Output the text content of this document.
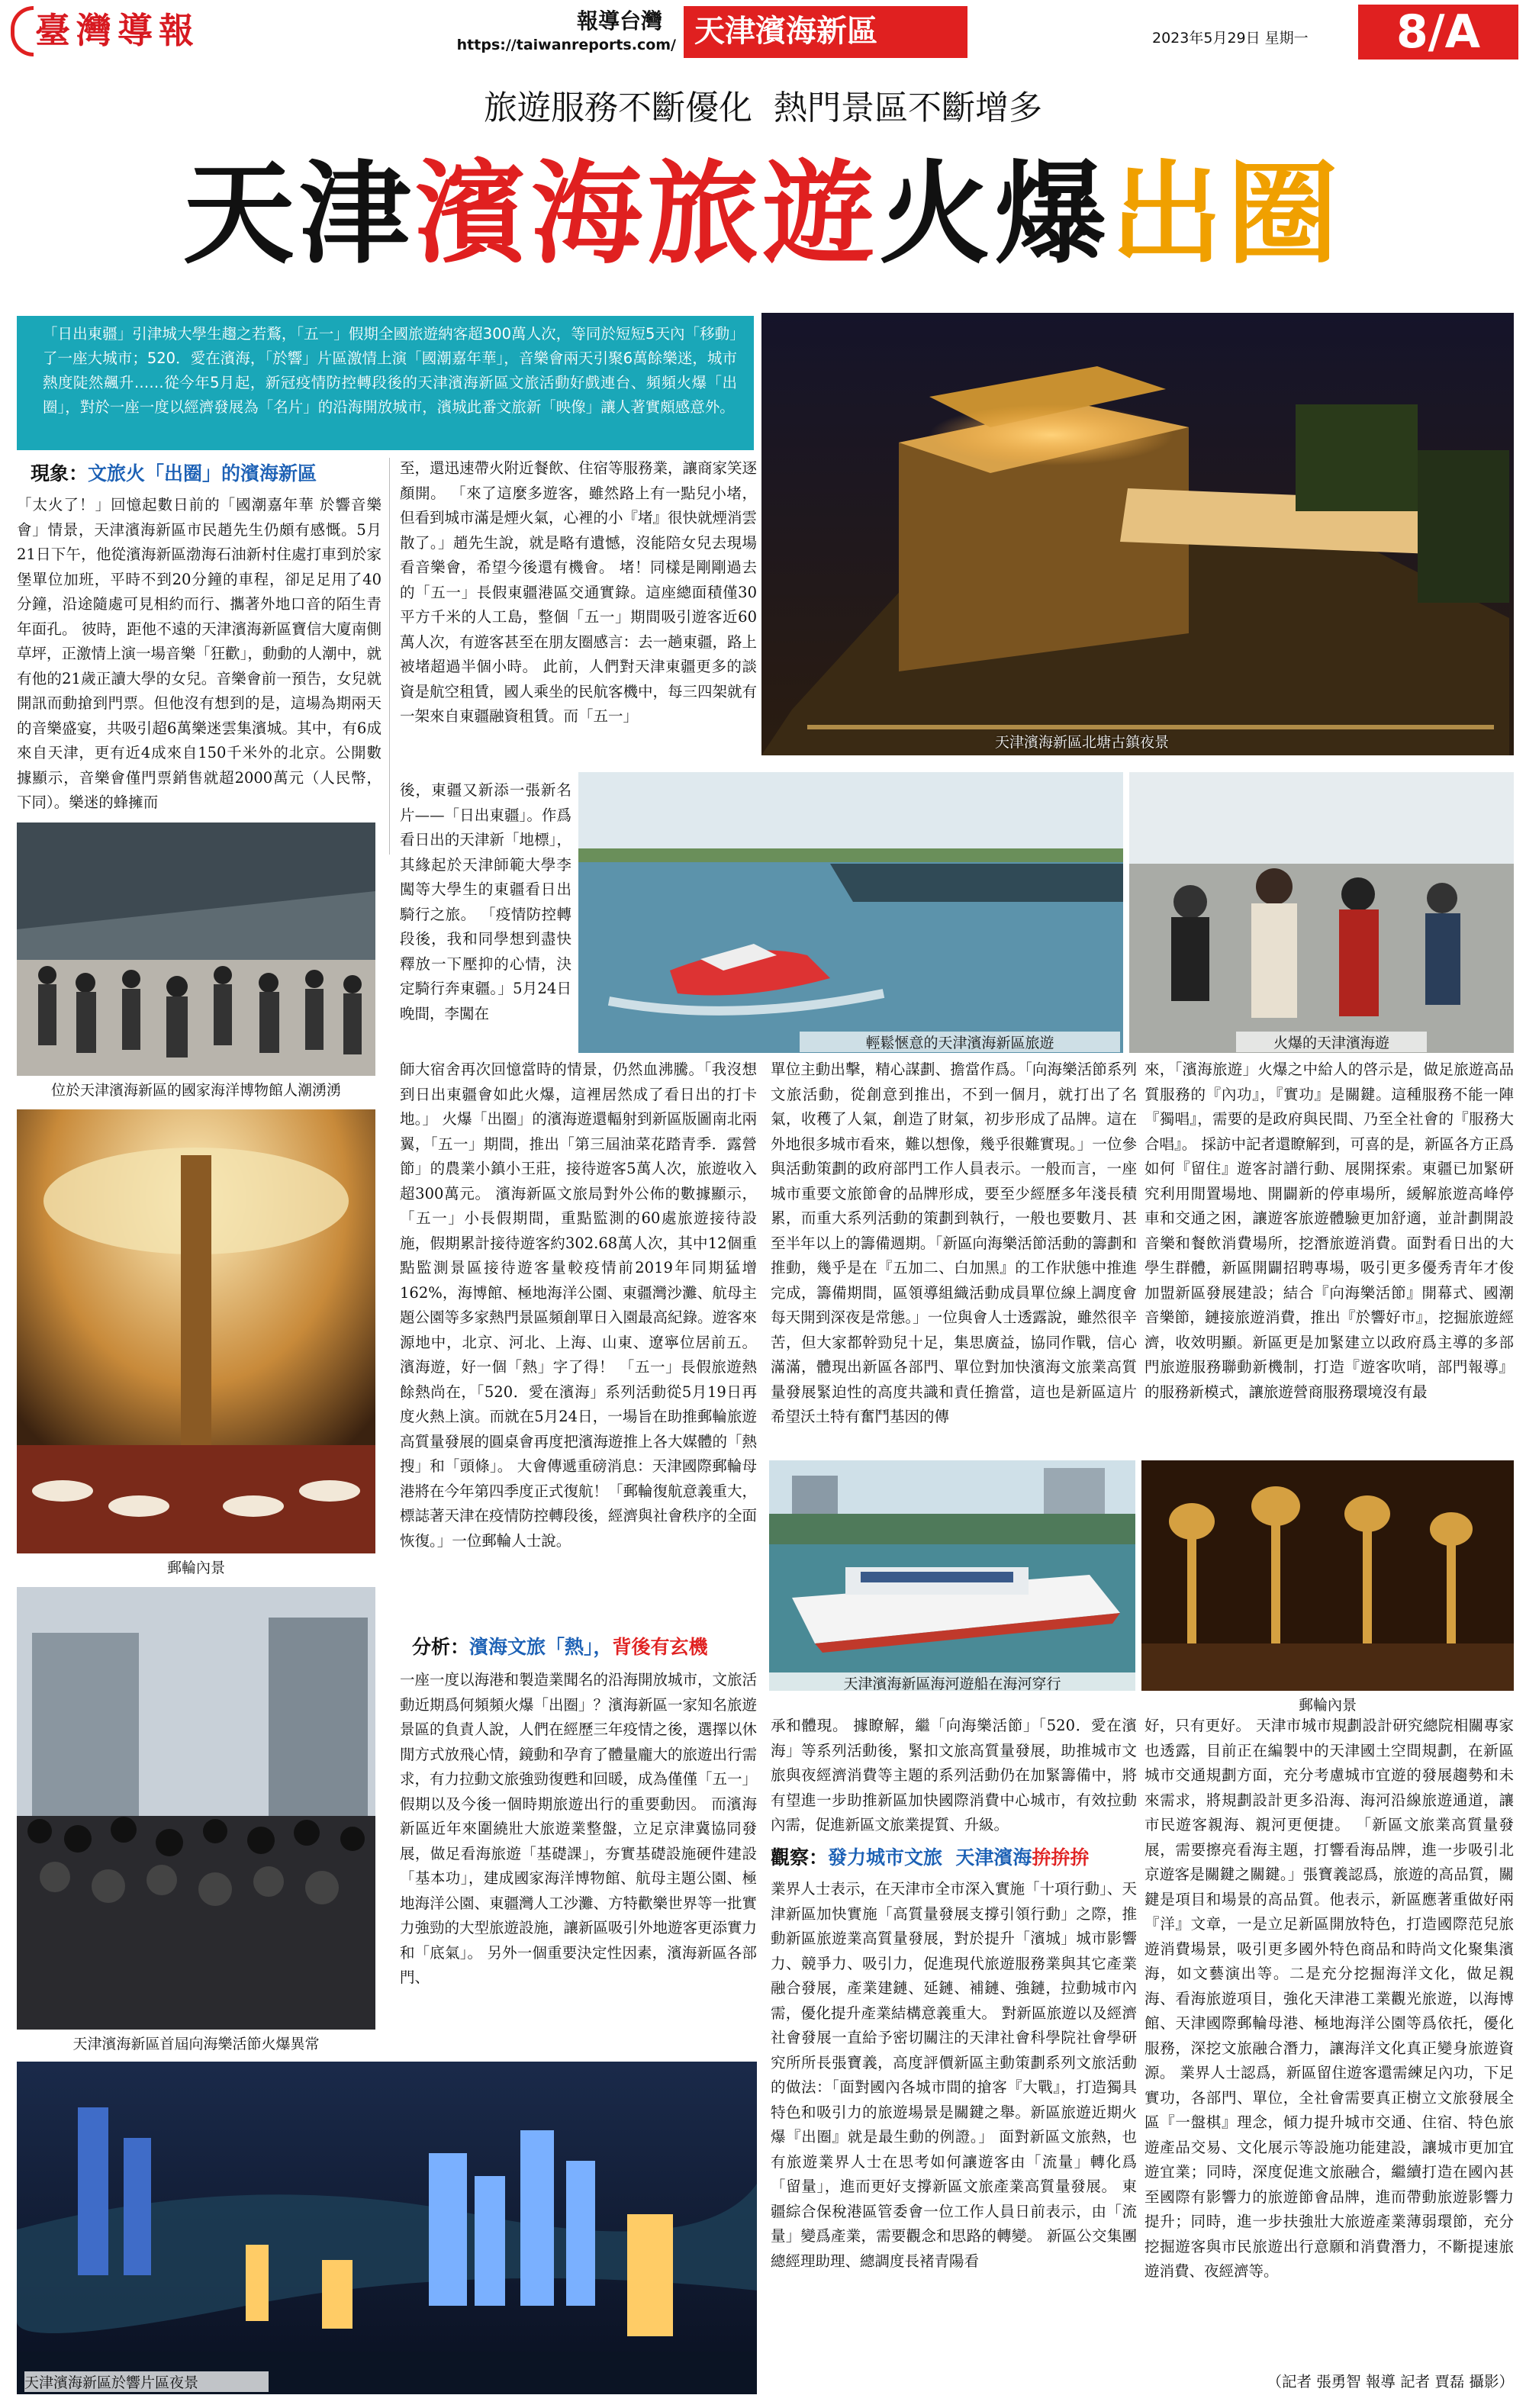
臺灣導報	報導台灣
https://taiwanreports.com/ 天津濱海新區	2023年5月29日 星期一	8/A
旅遊服務不斷優化  熱門景區不斷增多
天津濱海旅遊火爆出圈

「日出東疆」引津城大學生趨之若鶩，「五一」假期全國旅遊納客超300萬人次，等同於短短5天內「移動」了一座大城市；520．愛在濱海，「於響」片區激情上演「國潮嘉年華」，音樂會兩天引聚6萬餘樂迷，城市熱度陡然飆升……從今年5月起，新冠疫情防控轉段後的天津濱海新區文旅活動好戲連台、頻頻火爆「出圈」，對於一座一度以經濟發展為「名片」的沿海開放城市，濱城此番文旅新「映像」讓人著實頗感意外。

天津濱海新區北塘古鎮夜景
現象：文旅火「出圈」的濱海新區

「太火了！」回憶起數日前的「國潮嘉年華 於響音樂會」情景，天津濱海新區市民趙先生仍頗有感慨。5月21日下午，他從濱海新區渤海石油新村住處打車到於家堡單位加班，平時不到20分鐘的車程，卻足足用了40分鐘，沿途隨處可見相約而行、攜著外地口音的陌生青年面孔。 彼時，距他不遠的天津濱海新區寶信大廈南側草坪，正激情上演一場音樂「狂歡」，動動的人潮中，就有他的21歲正讀大學的女兒。音樂會前一預告，女兒就開訊而動搶到門票。但他沒有想到的是，這場為期兩天的音樂盛宴，共吸引超6萬樂迷雲集濱城。其中，有6成來自天津，更有近4成來自150千米外的北京。公開數據顯示，音樂會僅門票銷售就超2000萬元（人民幣，下同）。樂迷的蜂擁而

至，還迅速帶火附近餐飲、住宿等服務業，讓商家笑逐顏開。 「來了這麼多遊客，雖然路上有一點兒小堵，但看到城市滿是煙火氣，心裡的小『堵』很快就煙消雲散了。」趙先生說，就是略有遺憾，沒能陪女兒去現場看音樂會，希望今後還有機會。 堵！同樣是剛剛過去的「五一」長假東疆港區交通實錄。這座總面積僅30平方千米的人工島，整個「五一」期間吸引遊客近60萬人次，有遊客甚至在朋友圈感言：去一趟東疆，路上被堵超過半個小時。 此前，人們對天津東疆更多的談資是航空租賃，國人乘坐的民航客機中，每三四架就有一架來自東疆融資租賃。而「五一」

後，東疆又新添一張新名片——「日出東疆」。作爲看日出的天津新「地標」，其緣起於天津師範大學李闖等大學生的東疆看日出騎行之旅。 「疫情防控轉段後，我和同學想到盡快釋放一下壓抑的心情，決定騎行奔東疆。」5月24日晚間，李闖在

輕鬆愜意的天津濱海新區旅遊	火爆的天津濱海遊
位於天津濱海新區的國家海洋博物館人潮湧湧

師大宿舍再次回憶當時的情景，仍然血沸騰。「我沒想到日出東疆會如此火爆，這裡居然成了看日出的打卡地。」 火爆「出圈」的濱海遊還輻射到新區版圖南北兩翼，「五一」期間，推出「第三屆油菜花踏青季．露營節」的農業小鎮小王莊，接待遊客5萬人次，旅遊收入超300萬元。 濱海新區文旅局對外公佈的數據顯示，「五一」小長假期間，重點監測的60處旅遊接待設施，假期累計接待遊客約302.68萬人次，其中12個重點監測景區接待遊客量較疫情前2019年同期猛增162%，海博館、極地海洋公園、東疆灣沙灘、航母主題公園等多家熱門景區頻創單日入園最高紀錄。遊客來源地中，北京、河北、上海、山東、遼寧位居前五。 濱海遊，好一個「熱」字了得！ 「五一」長假旅遊熱餘熱尚在，「520．愛在濱海」系列活動從5月19日再度火熱上演。而就在5月24日，一場旨在助推郵輪旅遊高質量發展的圓桌會再度把濱海遊推上各大媒體的「熱搜」和「頭條」。 大會傳遞重磅消息：天津國際郵輪母港將在今年第四季度正式復航！「郵輪復航意義重大，標誌著天津在疫情防控轉段後，經濟與社會秩序的全面恢復。」一位郵輪人士說。

郵輪內景
分析：濱海文旅「熱」，背後有玄機

一座一度以海港和製造業聞名的沿海開放城市，文旅活動近期爲何頻頻火爆「出圈」？濱海新區一家知名旅遊景區的負責人說，人們在經歷三年疫情之後，選擇以休閒方式放飛心情，鏡動和孕育了體量龐大的旅遊出行需求，有力拉動文旅強勁復甦和回暖，成為僅僅「五一」假期以及今後一個時期旅遊出行的重要動因。 而濱海新區近年來圍繞壯大旅遊業整盤，立足京津冀協同發展，做足看海旅遊「基礎課」，夯實基礎設施硬件建設「基本功」，建成國家海洋博物館、航母主題公園、極地海洋公園、東疆灣人工沙灘、方特歡樂世界等一批實力強勁的大型旅遊設施，讓新區吸引外地遊客更添實力和「底氣」。 另外一個重要決定性因素，濱海新區各部門、

天津濱海新區首屆向海樂活節火爆異常
天津濱海新區於響片區夜景

單位主動出擊，精心謀劃、擔當作爲。「向海樂活節系列文旅活動，從創意到推出，不到一個月，就打出了名氣，收穫了人氣，創造了財氣，初步形成了品牌。這在外地很多城市看來，難以想像，幾乎很難實現。」一位參與活動策劃的政府部門工作人員表示。一般而言，一座城市重要文旅節會的品牌形成，要至少經歷多年淺長積累，而重大系列活動的策劃到執行，一般也要數月、甚至半年以上的籌備週期。「新區向海樂活節活動的籌劃和推動，幾乎是在『五加二、白加黑』的工作狀態中推進完成，籌備期間，區領導組織活動成員單位線上調度會每天開到深夜是常態。」一位與會人士透露說，雖然很辛苦，但大家都幹勁兒十足，集思廣益，協同作戰，信心滿滿，體現出新區各部門、單位對加快濱海文旅業高質量發展緊迫性的高度共識和責任擔當，這也是新區這片希望沃土特有奮鬥基因的傳

來，「濱海旅遊」火爆之中給人的啓示是，做足旅遊高品質服務的『內功』，『實功』是關鍵。這種服務不能一陣『獨唱』，需要的是政府與民間、乃至全社會的『服務大合唱』。 採訪中記者還瞭解到，可喜的是，新區各方正爲如何『留住』遊客討譜行動、展開探索。東疆已加緊研究利用閒置場地、開闢新的停車場所，緩解旅遊高峰停車和交通之困，讓遊客旅遊體驗更加舒適，並計劃開設音樂和餐飲消費場所，挖潛旅遊消費。面對看日出的大學生群體，新區開闢招聘專場，吸引更多優秀青年才俊加盟新區發展建設；結合『向海樂活節』開幕式、國潮音樂節，鏈接旅遊消費，推出『於響好市』，挖掘旅遊經濟，收效明顯。新區更是加緊建立以政府爲主導的多部門旅遊服務聯動新機制，打造『遊客吹哨，部門報導』的服務新模式，讓旅遊營商服務環境沒有最

天津濱海新區海河遊船在海河穿行
郵輪內景

承和體現。 據瞭解，繼「向海樂活節」「520．愛在濱海」等系列活動後，緊扣文旅高質量發展，助推城市文旅與夜經濟消費等主題的系列活動仍在加緊籌備中，將有望進一步助推新區加快國際消費中心城市，有效拉動內需，促進新區文旅業提質、升級。

觀察：發力城市文旅  天津濱海拚拚拚

業界人士表示，在天津市全市深入實施「十項行動」、天津新區加快實施「高質量發展支撐引領行動」之際，推動新區旅遊業高質量發展，對於提升「濱城」城市影響力、競爭力、吸引力，促進現代旅遊服務業與其它產業融合發展，產業建鏈、延鏈、補鏈、強鏈，拉動城市內需，優化提升產業結構意義重大。 對新區旅遊以及經濟社會發展一直給予密切關注的天津社會科學院社會學研究所所長張寶義，高度評價新區主動策劃系列文旅活動的做法：「面對國內各城市間的搶客『大戰』，打造獨具特色和吸引力的旅遊場景是關鍵之舉。新區旅遊近期火爆『出圈』就是最生動的例證。」 面對新區文旅熱，也有旅遊業界人士在思考如何讓遊客由「流量」轉化爲「留量」，進而更好支撐新區文旅產業高質量發展。 東疆綜合保稅港區管委會一位工作人員日前表示，由「流量」變爲產業，需要觀念和思路的轉變。 新區公交集團總經理助理、總調度長褚青陽看

好，只有更好。 天津市城市規劃設計研究總院相關專家也透露，目前正在編製中的天津國土空間規劃，在新區城市交通規劃方面，充分考慮城市宜遊的發展趨勢和未來需求，將規劃設計更多沿海、海河沿線旅遊通道，讓市民遊客親海、親河更便捷。 「新區文旅業高質量發展，需要擦亮看海主題，打響看海品牌，進一步吸引北京遊客是關鍵之關鍵。」張寶義認爲，旅遊的高品質，關鍵是項目和場景的高品質。他表示，新區應著重做好兩『洋』文章，一是立足新區開放特色，打造國際范兒旅遊消費場景，吸引更多國外特色商品和時尚文化聚集濱海，如文藝演出等。二是充分挖掘海洋文化，做足親海、看海旅遊項目，強化天津港工業觀光旅遊，以海博館、天津國際郵輪母港、極地海洋公園等爲依托，優化服務，深挖文旅融合潛力，讓海洋文化真正變身旅遊資源。 業界人士認爲，新區留住遊客還需練足內功，下足實功，各部門、單位，全社會需要真正樹立文旅發展全區『一盤棋』理念，傾力提升城市交通、住宿、特色旅遊產品交易、文化展示等設施功能建設，讓城市更加宜遊宜業；同時，深度促進文旅融合，繼續打造在國內甚至國際有影響力的旅遊節會品牌，進而帶動旅遊影響力提升；同時，進一步扶強壯大旅遊產業薄弱環節，充分挖掘遊客與市民旅遊出行意願和消費潛力，不斷提速旅遊消費、夜經濟等。

（記者 張勇智 報導 記者 賈磊 攝影）
